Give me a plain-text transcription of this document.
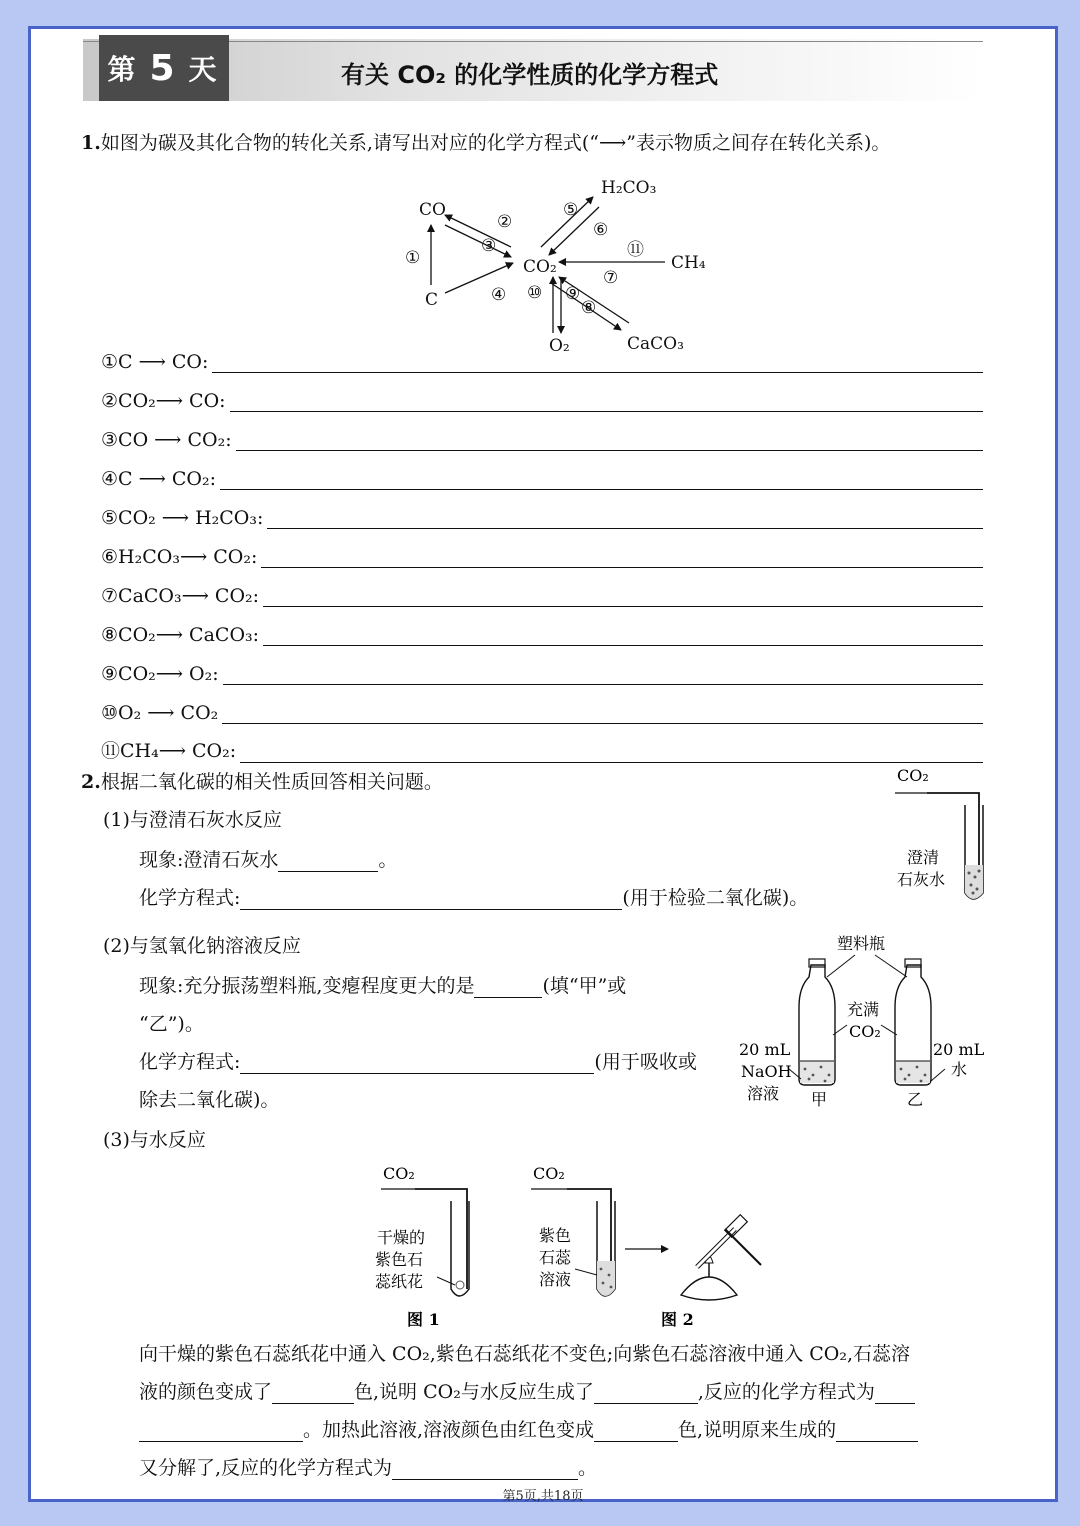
第 5 天	有关 CO₂ 的化学性质的化学方程式
1.如图为碳及其化合物的转化关系,请写出对应的化学方程式(“⟶”表示物质之间存在转化关系)。
CO
CO₂
C
H₂CO₃
CH₄
O₂	CaCO₃
①
②
③
④
⑤
⑥
⑦
⑧
⑩
⑪
⑨
①C ⟶ CO:
②CO₂⟶ CO:
③CO ⟶ CO₂:
④C ⟶ CO₂:
⑤CO₂ ⟶ H₂CO₃:
⑥H₂CO₃⟶ CO₂:
⑦CaCO₃⟶ CO₂:
⑧CO₂⟶ CaCO₃:
⑨CO₂⟶ O₂:
⑩O₂ ⟶ CO₂
⑪CH₄⟶ CO₂:
2.根据二氧化碳的相关性质回答相关问题。
(1)与澄清石灰水反应
现象:澄清石灰水	。
化学方程式:	(用于检验二氧化碳)。
CO₂
澄清
石灰水
(2)与氢氧化钠溶液反应
现象:充分振荡塑料瓶,变瘪程度更大的是	(填“甲”或
“乙”)。
化学方程式:	(用于吸收或
除去二氧化碳)。
塑料瓶
充满
CO₂
20 mL
NaOH
溶液
20 mL
水
甲	乙
(3)与水反应
CO₂
干燥的
紫色石
蕊纸花
图 1
CO₂
紫色
石蕊
溶液
图 2
向干燥的紫色石蕊纸花中通入 CO₂,紫色石蕊纸花不变色;向紫色石蕊溶液中通入 CO₂,石蕊溶
液的颜色变成了	色,说明 CO₂与水反应生成了	,反应的化学方程式为
。加热此溶液,溶液颜色由红色变成	色,说明原来生成的
又分解了,反应的化学方程式为	。
第5页,共18页
